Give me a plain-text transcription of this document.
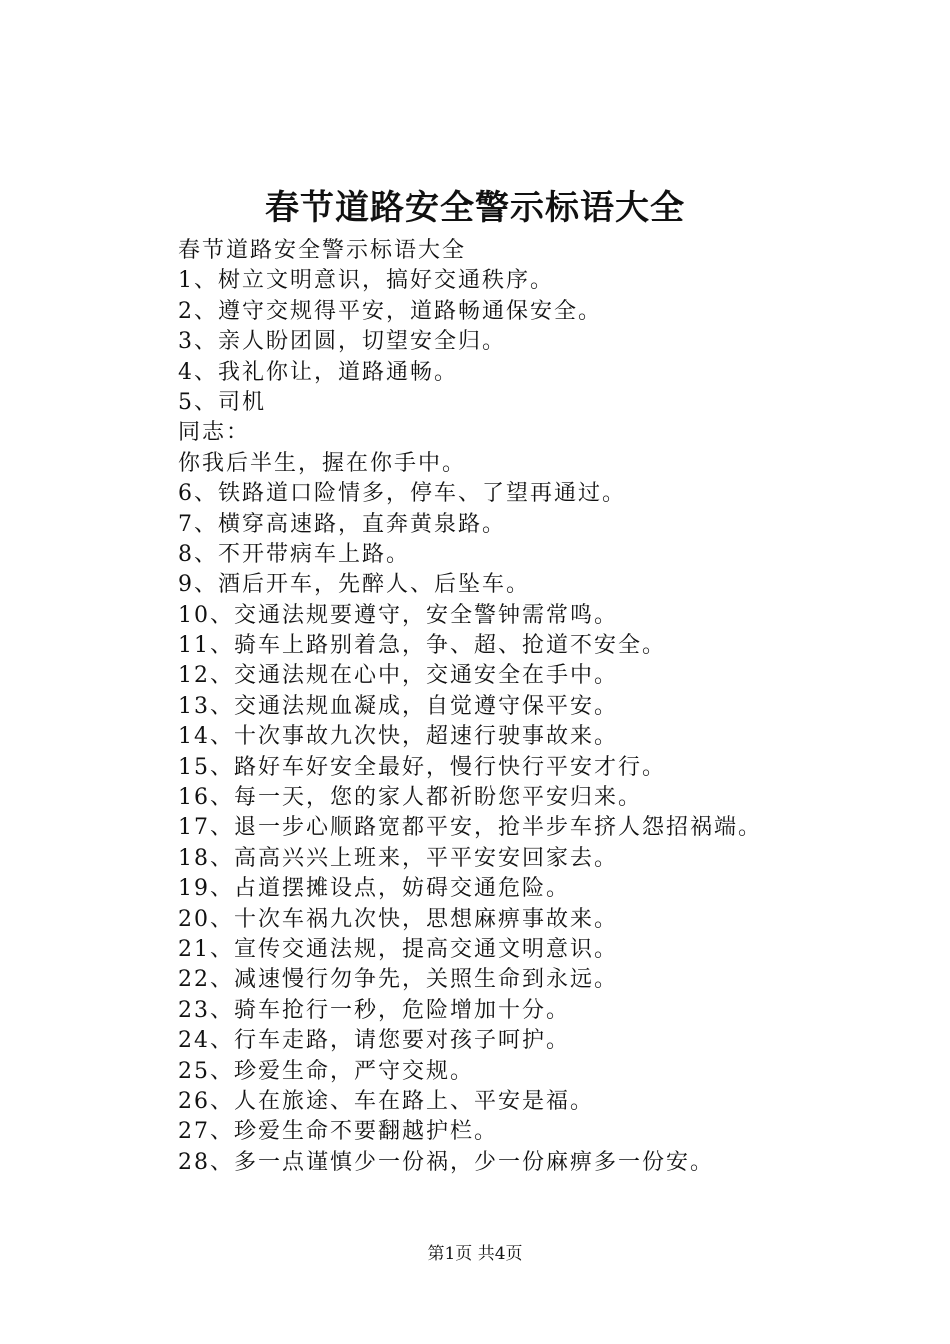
春节道路安全警示标语大全
春节道路安全警示标语大全
1、树立文明意识，搞好交通秩序。
2、遵守交规得平安，道路畅通保安全。
3、亲人盼团圆，切望安全归。
4、我礼你让，道路通畅。
5、司机
同志：
你我后半生，握在你手中。
6、铁路道口险情多，停车、了望再通过。
7、横穿高速路，直奔黄泉路。
8、不开带病车上路。
9、酒后开车，先醉人、后坠车。
10、交通法规要遵守，安全警钟需常鸣。
11、骑车上路别着急，争、超、抢道不安全。
12、交通法规在心中，交通安全在手中。
13、交通法规血凝成，自觉遵守保平安。
14、十次事故九次快，超速行驶事故来。
15、路好车好安全最好，慢行快行平安才行。
16、每一天，您的家人都祈盼您平安归来。
17、退一步心顺路宽都平安，抢半步车挤人怨招祸端。
18、高高兴兴上班来，平平安安回家去。
19、占道摆摊设点，妨碍交通危险。
20、十次车祸九次快，思想麻痹事故来。
21、宣传交通法规，提高交通文明意识。
22、减速慢行勿争先，关照生命到永远。
23、骑车抢行一秒，危险增加十分。
24、行车走路，请您要对孩子呵护。
25、珍爱生命，严守交规。
26、人在旅途、车在路上、平安是福。
27、珍爱生命不要翻越护栏。
28、多一点谨慎少一份祸，少一份麻痹多一份安。
第1页 共4页
